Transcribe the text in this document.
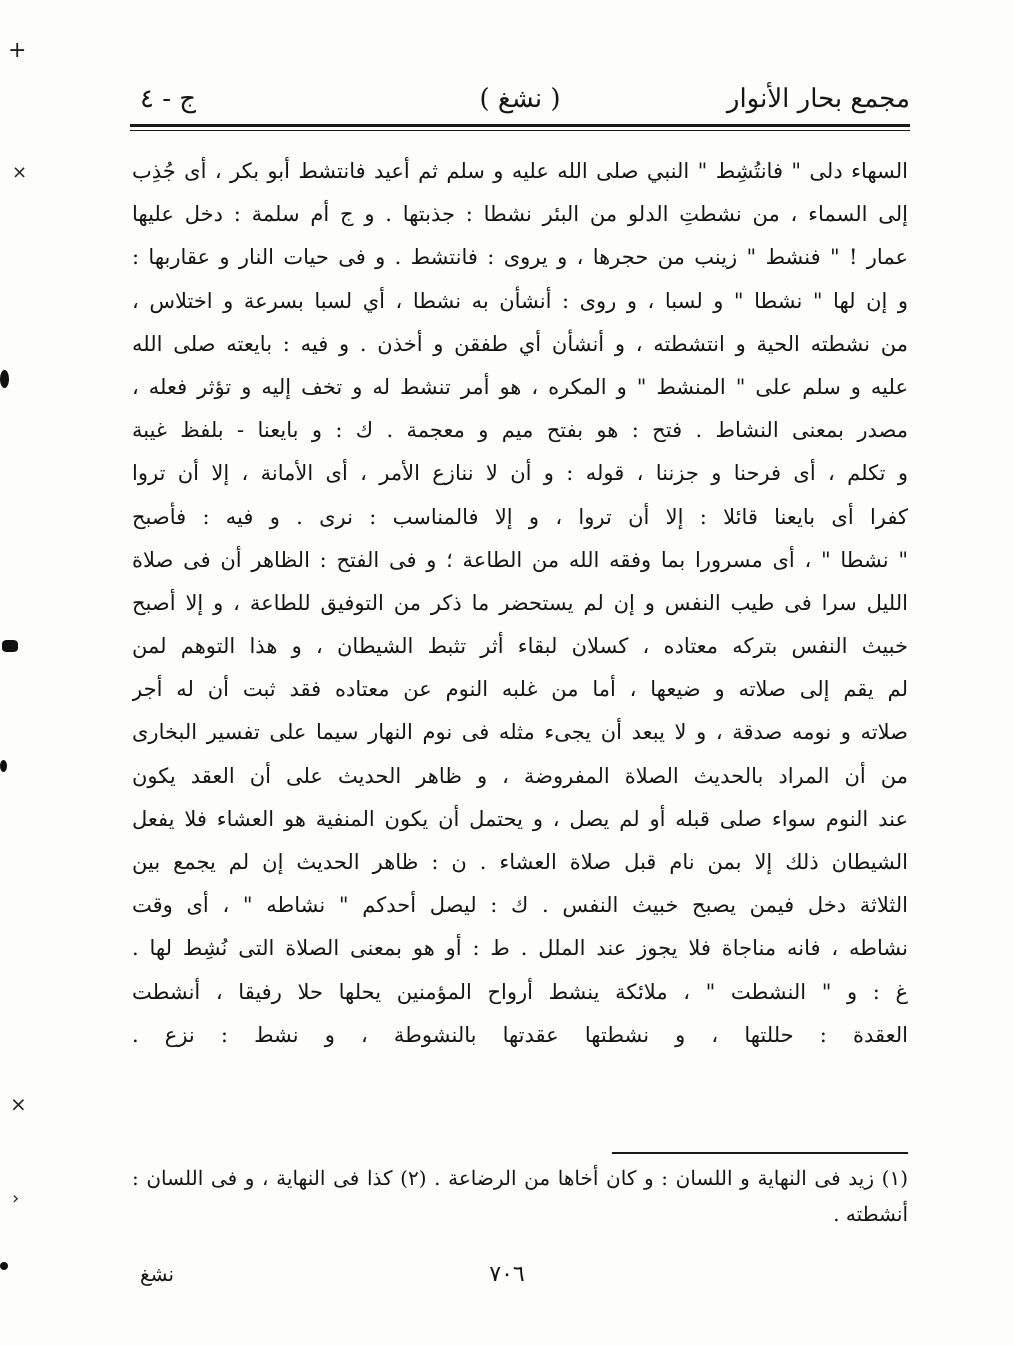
+
⨯
⨯
›
مجمع بحار الأنوار
( نشغ )
ج - ٤
السهاء دلى " فانتُشِط " النبي صلى الله عليه و سلم ثم أعيد فانتشط أبو بكر ، أى جُذِب
إلى السماء ، من نشطتِ الدلو من البئر نشطا : جذبتها . و ج أم سلمة : دخل عليها
عمار ! " فنشط " زينب من حجرها ، و يروى : فانتشط . و فى حيات النار و عقاربها :
و إن لها " نشطا " و لسبا ، و روى : أنشأن به نشطا ، أي لسبا بسرعة و اختلاس ،
من نشطته الحية و انتشطته ، و أنشأن أي طفقن و أخذن . و فيه : بايعته صلى الله
عليه و سلم على " المنشط " و المكره ، هو أمر تنشط له و تخف إليه و تؤثر فعله ،
مصدر بمعنى النشاط . فتح : هو بفتح ميم و معجمة . ك : و بايعنا - بلفظ غيبة
و تكلم ، أى فرحنا و جزننا ، قوله : و أن لا ننازع الأمر ، أى الأمانة ، إلا أن تروا
كفرا أى بايعنا قائلا : إلا أن تروا ، و إلا فالمناسب : نرى . و فيه : فأصبح
" نشطا " ، أى مسرورا بما وفقه الله من الطاعة ؛ و فى الفتح : الظاهر أن فى صلاة
الليل سرا فى طيب النفس و إن لم يستحضر ما ذكر من التوفيق للطاعة ، و إلا أصبح
خبيث النفس بتركه معتاده ، كسلان لبقاء أثر تثبط الشيطان ، و هذا التوهم لمن
لم يقم إلى صلاته و ضيعها ، أما من غلبه النوم عن معتاده فقد ثبت أن له أجر
صلاته و نومه صدقة ، و لا يبعد أن يجىء مثله فى نوم النهار سيما على تفسير البخارى
من أن المراد بالحديث الصلاة المفروضة ، و ظاهر الحديث على أن العقد يكون
عند النوم سواء صلى قبله أو لم يصل ، و يحتمل أن يكون المنفية هو العشاء فلا يفعل
الشيطان ذلك إلا بمن نام قبل صلاة العشاء . ن : ظاهر الحديث إن لم يجمع بين
الثلاثة دخل فيمن يصبح خبيث النفس . ك : ليصل أحدكم " نشاطه " ، أى وقت
نشاطه ، فانه مناجاة فلا يجوز عند الملل . ط : أو هو بمعنى الصلاة التى نُشِط لها .
غ : و " النشطت " ، ملائكة ينشط أرواح المؤمنين يحلها حلا رفيقا ، أنشطت
العقدة : حللتها ، و نشطتها عقدتها بالنشوطة ، و نشط : نزع .
(١) زيد فى النهاية و اللسان : و كان أخاها من الرضاعة . (٢) كذا فى النهاية ، و فى اللسان :
أنشطته .
نشغ	٧٠٦
